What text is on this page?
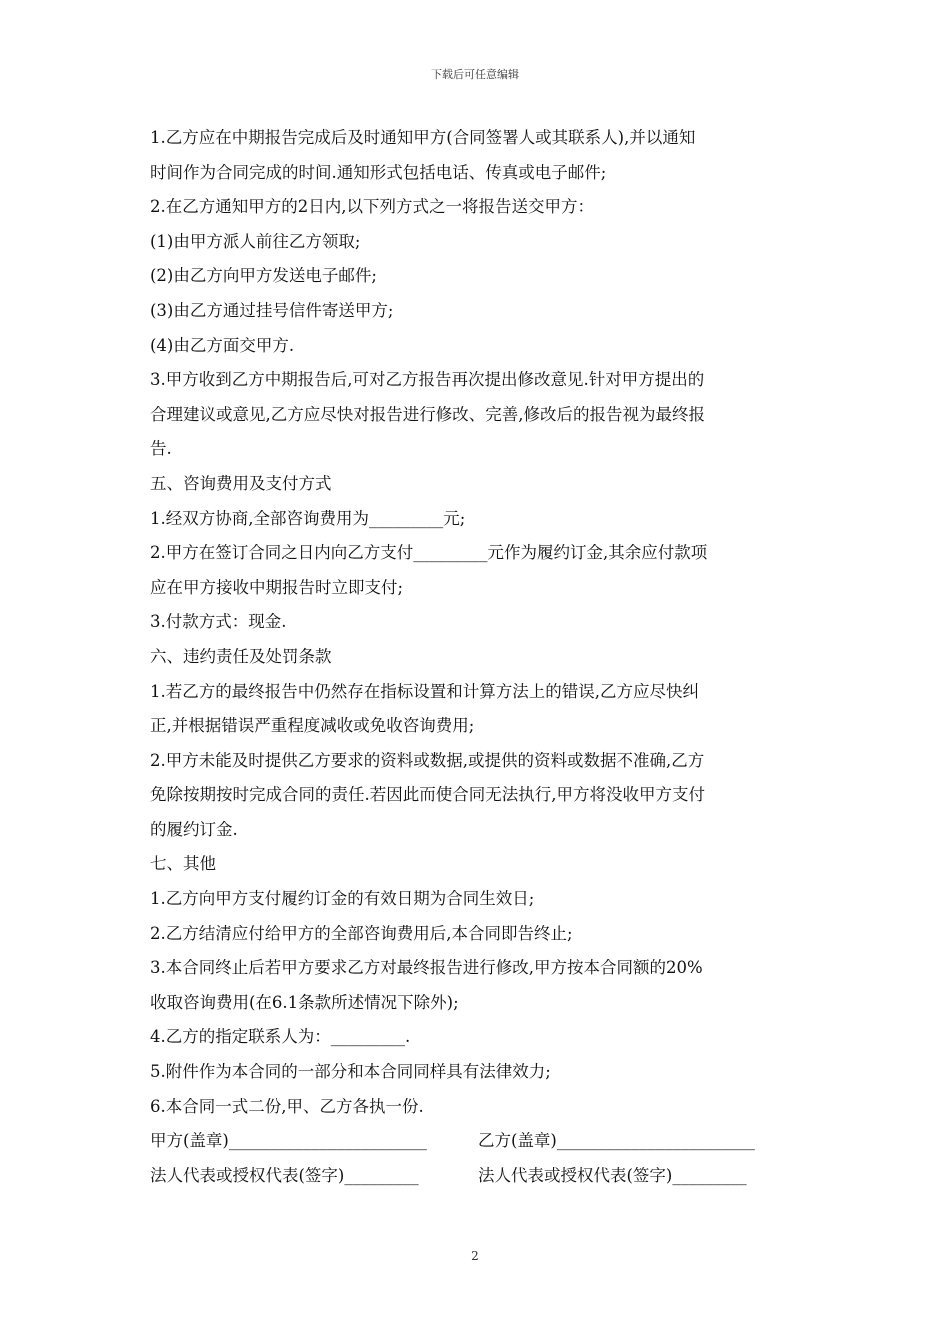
下载后可任意编辑

1.乙方应在中期报告完成后及时通知甲方(合同签署人或其联系人),并以通知

时间作为合同完成的时间.通知形式包括电话、传真或电子邮件;

2.在乙方通知甲方的2日内,以下列方式之一将报告送交甲方：

(1)由甲方派人前往乙方领取;

(2)由乙方向甲方发送电子邮件;

(3)由乙方通过挂号信件寄送甲方;

(4)由乙方面交甲方.

3.甲方收到乙方中期报告后,可对乙方报告再次提出修改意见.针对甲方提出的

合理建议或意见,乙方应尽快对报告进行修改、完善,修改后的报告视为最终报

告.

五、咨询费用及支付方式

1.经双方协商,全部咨询费用为_________元;

2.甲方在签订合同之日内向乙方支付_________元作为履约订金,其余应付款项

应在甲方接收中期报告时立即支付;

3.付款方式：现金.

六、违约责任及处罚条款

1.若乙方的最终报告中仍然存在指标设置和计算方法上的错误,乙方应尽快纠

正,并根据错误严重程度减收或免收咨询费用;

2.甲方未能及时提供乙方要求的资料或数据,或提供的资料或数据不准确,乙方

免除按期按时完成合同的责任.若因此而使合同无法执行,甲方将没收甲方支付

的履约订金.

七、其他

1.乙方向甲方支付履约订金的有效日期为合同生效日;

2.乙方结清应付给甲方的全部咨询费用后,本合同即告终止;

3.本合同终止后若甲方要求乙方对最终报告进行修改,甲方按本合同额的20%

收取咨询费用(在6.1条款所述情况下除外);

4.乙方的指定联系人为：_________.

5.附件作为本合同的一部分和本合同同样具有法律效力;

6.本合同一式二份,甲、乙方各执一份.

甲方(盖章)________________________	乙方(盖章)________________________
法人代表或授权代表(签字)_________	法人代表或授权代表(签字)_________
2
